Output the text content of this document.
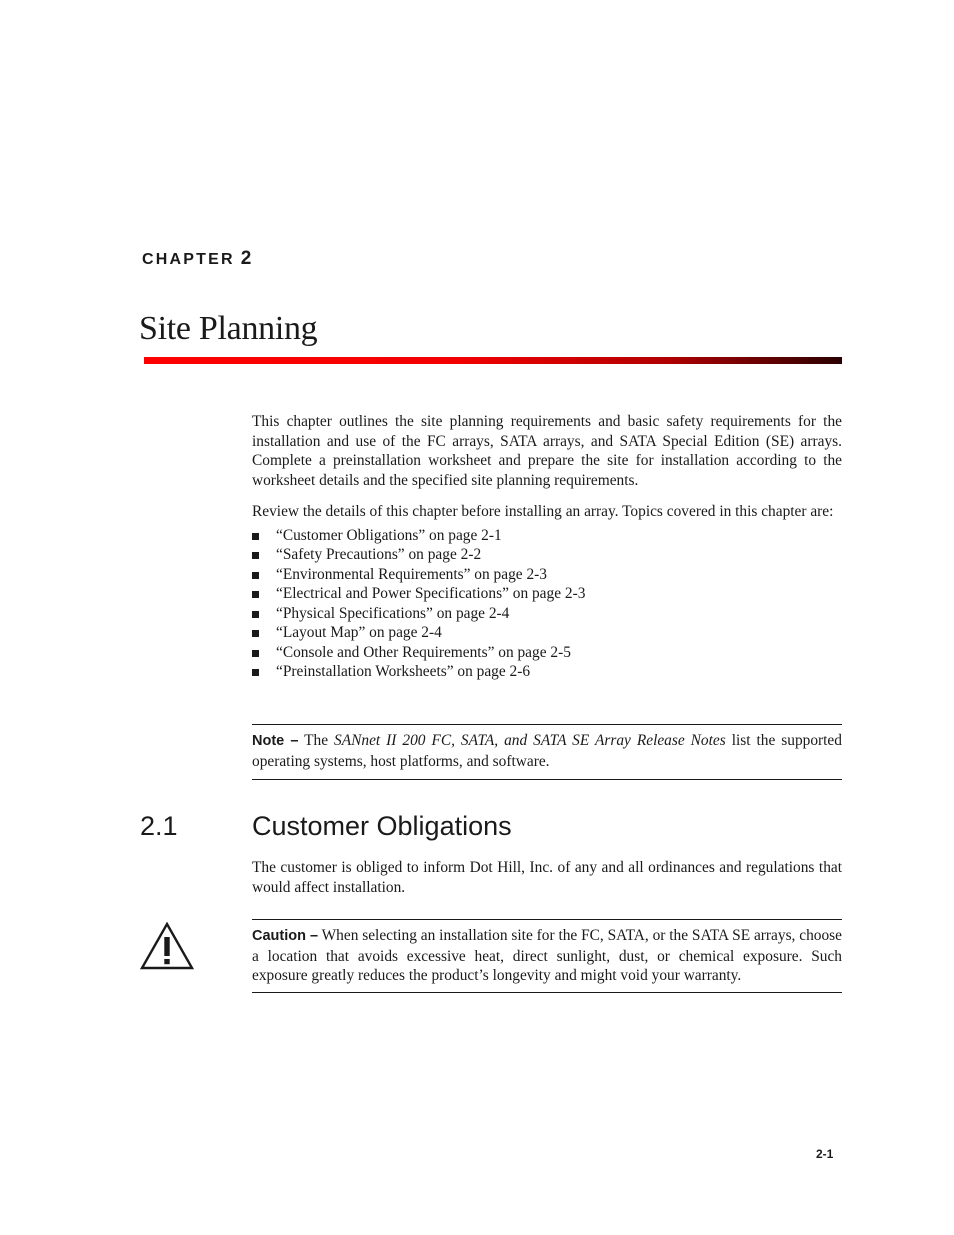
CHAPTER 2
Site Planning

This chapter outlines the site planning requirements and basic safety requirements for the installation and use of the FC arrays, SATA arrays, and SATA Special Edition (SE) arrays. Complete a preinstallation worksheet and prepare the site for installation according to the worksheet details and the specified site planning requirements.

Review the details of this chapter before installing an array. Topics covered in this chapter are:

“Customer Obligations” on page 2-1
“Safety Precautions” on page 2-2
“Environmental Requirements” on page 2-3
“Electrical and Power Specifications” on page 2-3
“Physical Specifications” on page 2-4
“Layout Map” on page 2-4
“Console and Other Requirements” on page 2-5
“Preinstallation Worksheets” on page 2-6

Note – The SANnet II 200 FC, SATA, and SATA SE Array Release Notes list the supported operating systems, host platforms, and software.

2.1	Customer Obligations

The customer is obliged to inform Dot Hill, Inc. of any and all ordinances and regulations that would affect installation.

Caution – When selecting an installation site for the FC, SATA, or the SATA SE arrays, choose a location that avoids excessive heat, direct sunlight, dust, or chemical exposure. Such exposure greatly reduces the product’s longevity and might void your warranty.

2-1
